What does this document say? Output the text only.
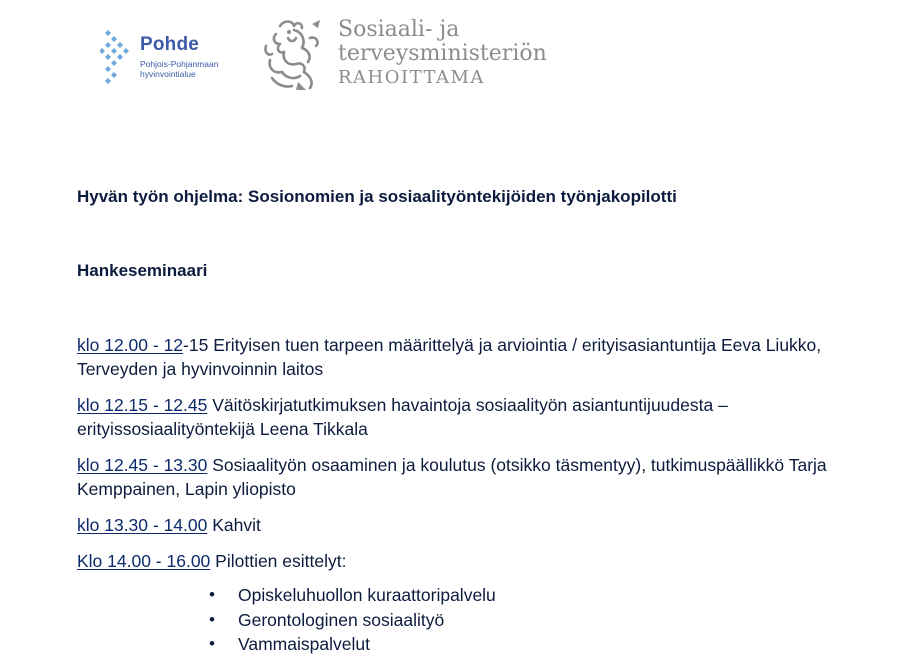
Pohde
Pohjois-Pohjanmaan
hyvinvointialue
Sosiaali- ja
terveysministeriön
RAHOITTAMA
Hyvän työn ohjelma: Sosionomien ja sosiaalityöntekijöiden työnjakopilotti
Hankeseminaari
klo 12.00 - 12-15 Erityisen tuen tarpeen määrittelyä ja arviointia / erityisasiantuntija Eeva Liukko, Terveyden ja hyvinvoinnin laitos
klo 12.15 - 12.45 Väitöskirjatutkimuksen havaintoja sosiaalityön asiantuntijuudesta – erityissosiaalityöntekijä Leena Tikkala
klo 12.45 - 13.30 Sosiaalityön osaaminen ja koulutus (otsikko täsmentyy), tutkimuspäällikkö Tarja Kemppainen, Lapin yliopisto
klo 13.30 - 14.00 Kahvit
Klo 14.00 - 16.00 Pilottien esittelyt:
• Opiskeluhuollon kuraattoripalvelu
• Gerontologinen sosiaalityö
• Vammaispalvelut
